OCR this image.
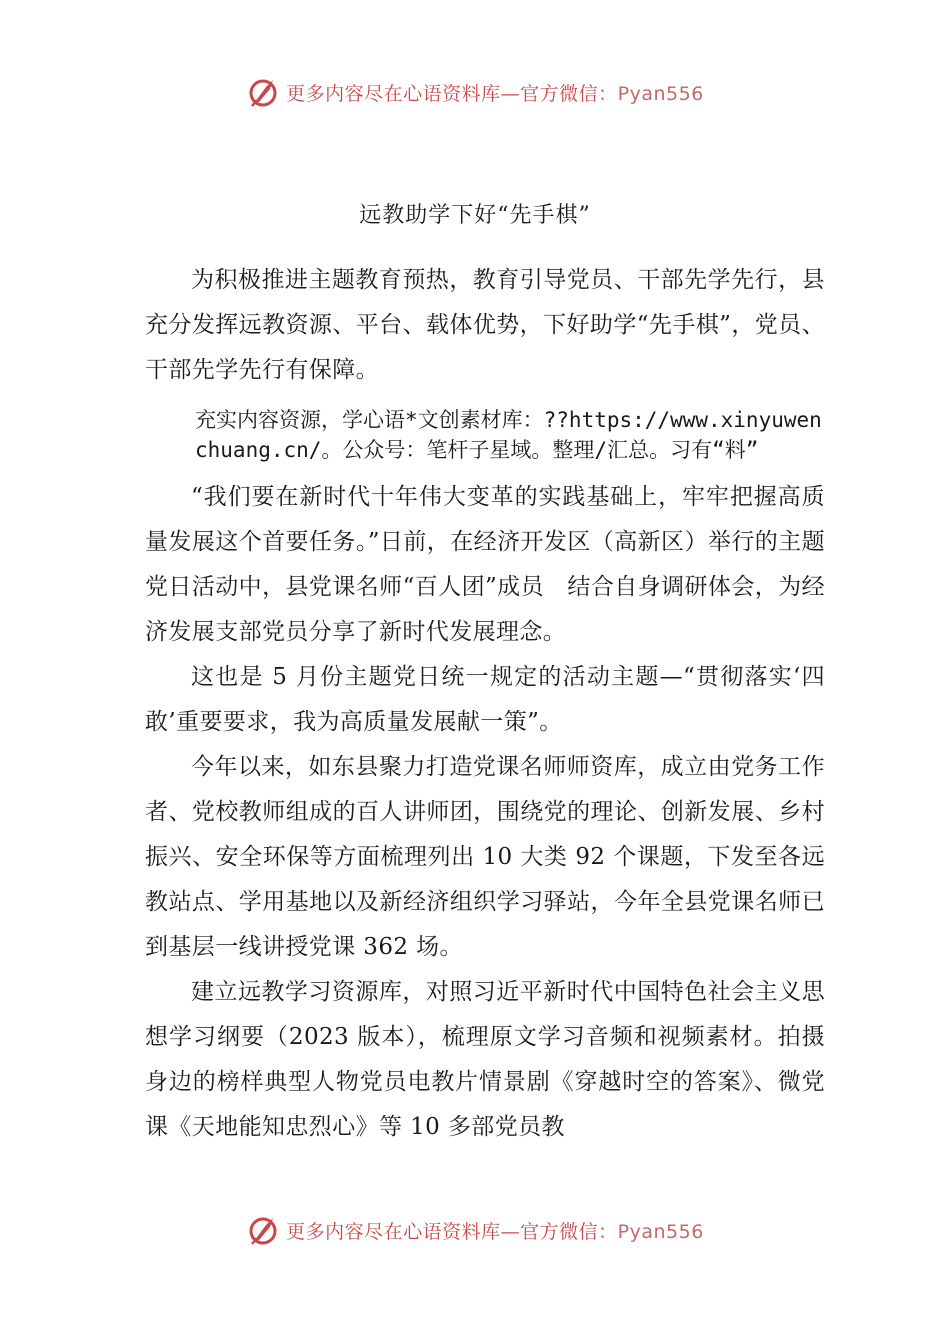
更多内容尽在心语资料库—官方微信：Pyan556
远教助学下好“先手棋”

为积极推进主题教育预热，教育引导党员、干部先学先行，县充分发挥远教资源、平台、载体优势，下好助学“先手棋”，党员、干部先学先行有保障。

充实内容资源，学心语*文创素材库：??https://www.xinyuwenchuang.cn/。公众号：笔杆子星域。整理/汇总。习有“料”

“我们要在新时代十年伟大变革的实践基础上，牢牢把握高质量发展这个首要任务。”日前，在经济开发区（高新区）举行的主题党日活动中，县党课名师“百人团”成员　结合自身调研体会，为经济发展支部党员分享了新时代发展理念。

这也是 5 月份主题党日统一规定的活动主题—“贯彻落实‘四敢’重要要求，我为高质量发展献一策”。

今年以来，如东县聚力打造党课名师师资库，成立由党务工作者、党校教师组成的百人讲师团，围绕党的理论、创新发展、乡村振兴、安全环保等方面梳理列出 10 大类 92 个课题，下发至各远教站点、学用基地以及新经济组织学习驿站，今年全县党课名师已到基层一线讲授党课 362 场。

建立远教学习资源库，对照习近平新时代中国特色社会主义思想学习纲要（2023 版本），梳理原文学习音频和视频素材。拍摄身边的榜样典型人物党员电教片情景剧《穿越时空的答案》、微党课《天地能知忠烈心》等 10 多部党员教

更多内容尽在心语资料库—官方微信：Pyan556
